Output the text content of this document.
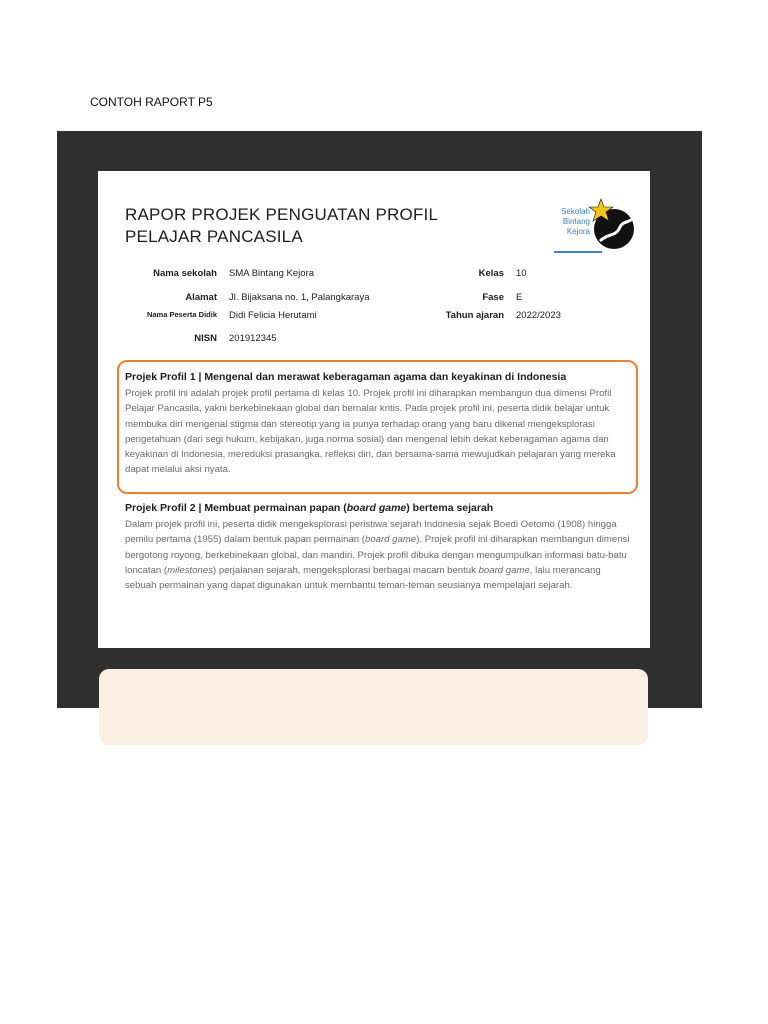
CONTOH RAPORT P5
RAPOR PROJEK PENGUATAN PROFIL
PELAJAR PANCASILA
Sekolah
Bintang
Kejora
Nama sekolah SMA Bintang Kejora
Alamat Jl. Bijaksana no. 1, Palangkaraya
Nama Peserta Didik Didi Felicia Herutami
NISN 201912345
Kelas 10
Fase E
Tahun ajaran 2022/2023
Projek Profil 1 | Mengenal dan merawat keberagaman agama dan keyakinan di Indonesia
Projek profil ini adalah projek profil pertama di kelas 10. Projek profil ini diharapkan membangun dua dimensi Profil Pelajar Pancasila, yakni berkebinekaan global dan bernalar kritis. Pada projek profil ini, peserta didik belajar untuk membuka diri mengenal stigma dan stereotip yang ia punya terhadap orang yang baru dikenal mengeksplorasi pengetahuan (dari segi hukum, kebijakan, juga norma sosial) dan mengenal lebih dekat keberagaman agama dan keyakinan di Indonesia, mereduksi prasangka, refleksi diri, dan bersama-sama mewujudkan pelajaran yang mereka dapat melalui aksi nyata.
Projek Profil 2 | Membuat permainan papan (board game) bertema sejarah
Dalam projek profil ini, peserta didik mengeksplorasi peristiwa sejarah Indonesia sejak Boedi Oetomo (1908) hingga pemilu pertama (1955) dalam bentuk papan permainan (board game). Projek profil ini diharapkan membangun dimensi bergotong royong, berkebinekaan global, dan mandiri. Projek profil dibuka dengan mengumpulkan informasi batu-batu loncatan (milestones) perjalanan sejarah, mengeksplorasi berbagai macam bentuk board game, lalu merancang sebuah permainan yang dapat digunakan untuk membantu teman-teman seusianya mempelajari sejarah.
